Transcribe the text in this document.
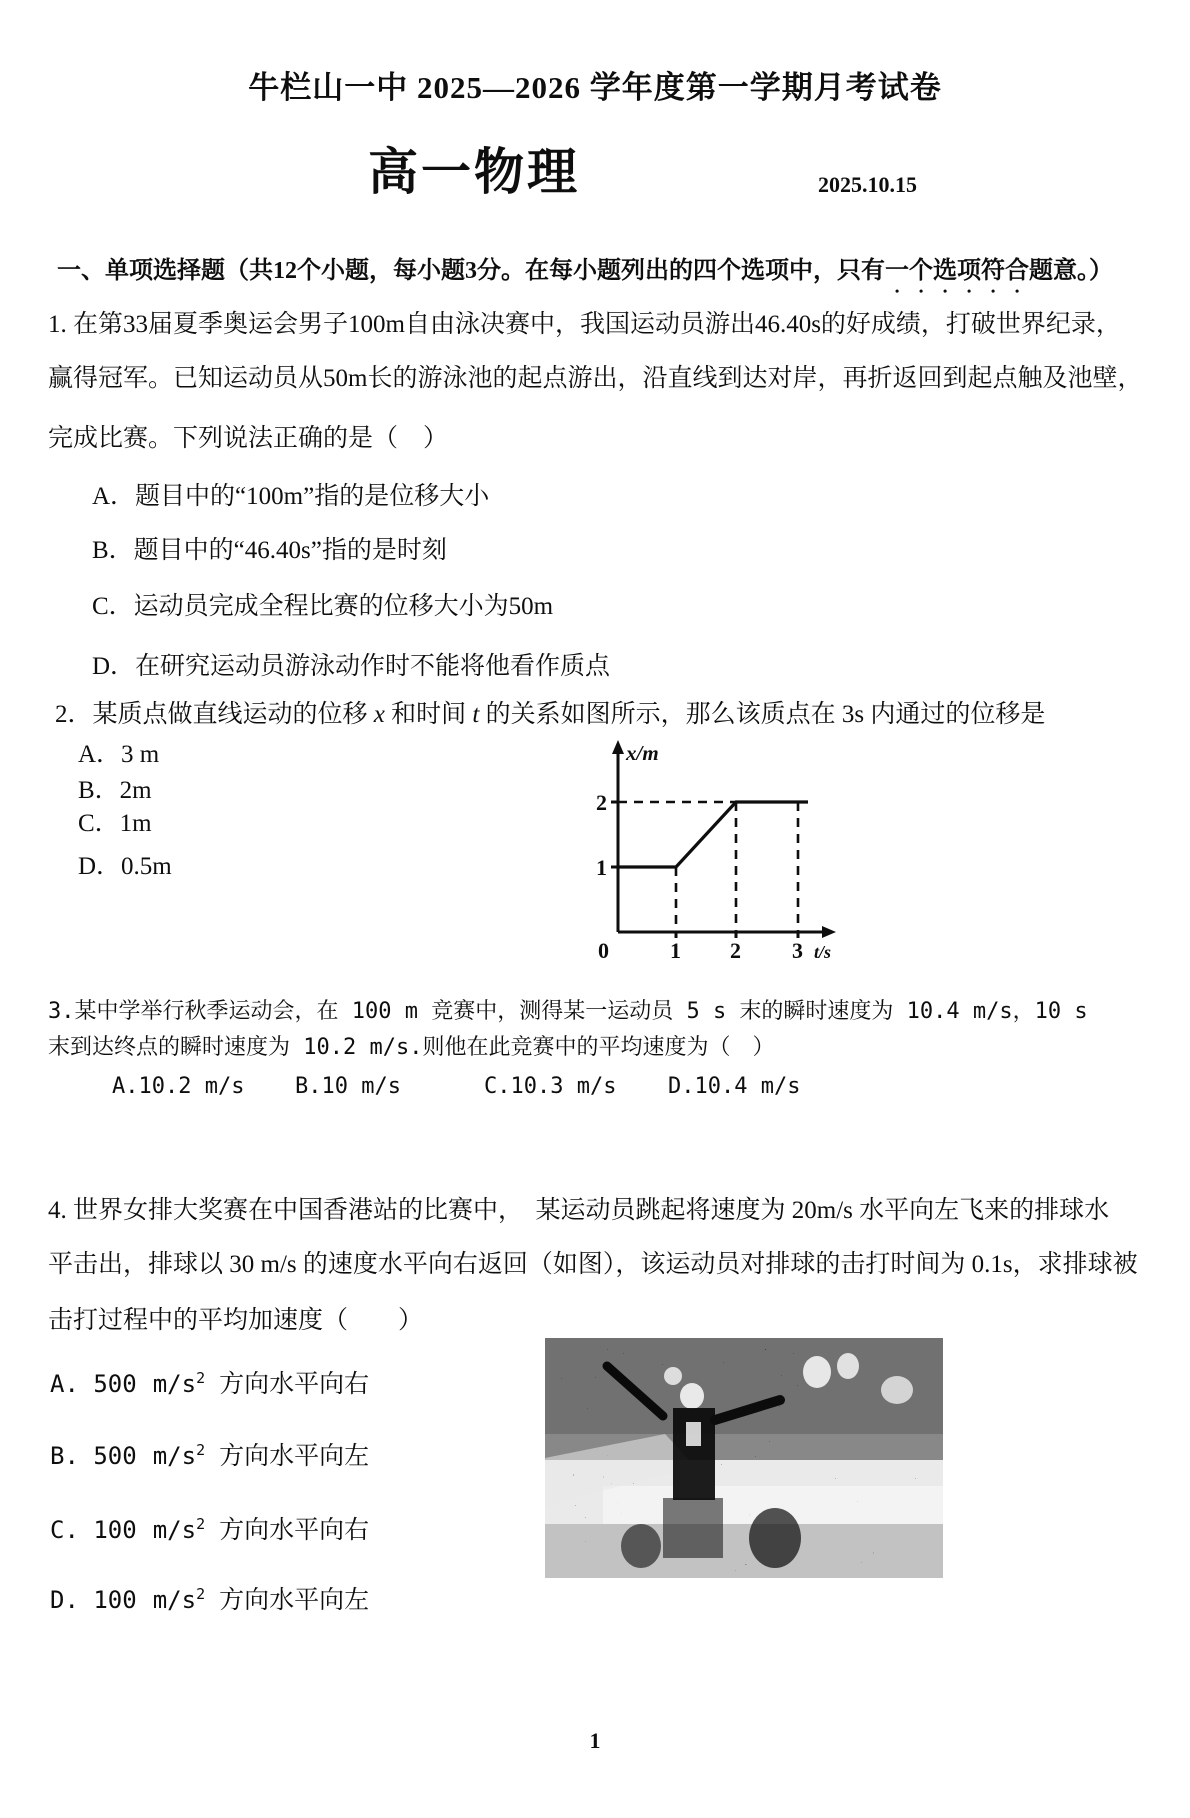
牛栏山一中 2025—2026 学年度第一学期月考试卷
高一物理	2025.10.15
一、单项选择题（共12个小题，每小题3分。在每小题列出的四个选项中，只有一个选项符合题意。）
1. 在第33届夏季奥运会男子100m自由泳决赛中，我国运动员游出46.40s的好成绩，打破世界纪录，
赢得冠军。已知运动员从50m长的游泳池的起点游出，沿直线到达对岸，再折返回到起点触及池壁，
完成比赛。下列说法正确的是（　）
A．题目中的“100m”指的是位移大小
B．题目中的“46.40s”指的是时刻
C．运动员完成全程比赛的位移大小为50m
D．在研究运动员游泳动作时不能将他看作质点
2．某质点做直线运动的位移 x 和时间 t 的关系如图所示，那么该质点在 3s 内通过的位移是
A．3 m
B．2m
C．1m
D．0.5m
x/m
2
1
0	1 2 3 t/s
3.某中学举行秋季运动会，在 100 m 竞赛中，测得某一运动员 5 s 末的瞬时速度为 10.4 m/s，10 s
末到达终点的瞬时速度为 10.2 m/s.则他在此竞赛中的平均速度为（　）
A.10.2 m/s B.10 m/s	C.10.3 m/s D.10.4 m/s
4. 世界女排大奖赛在中国香港站的比赛中，　某运动员跳起将速度为 20m/s 水平向左飞来的排球水
平击出，排球以 30 m/s 的速度水平向右返回（如图），该运动员对排球的击打时间为 0.1s，求排球被
击打过程中的平均加速度（　　）
A. 500 $m/s^2$ 方向水平向右
B. 500 $m/s^2$ 方向水平向左
C. 100 $m/s^2$ 方向水平向右
D. 100 $m/s^2$ 方向水平向左
1
